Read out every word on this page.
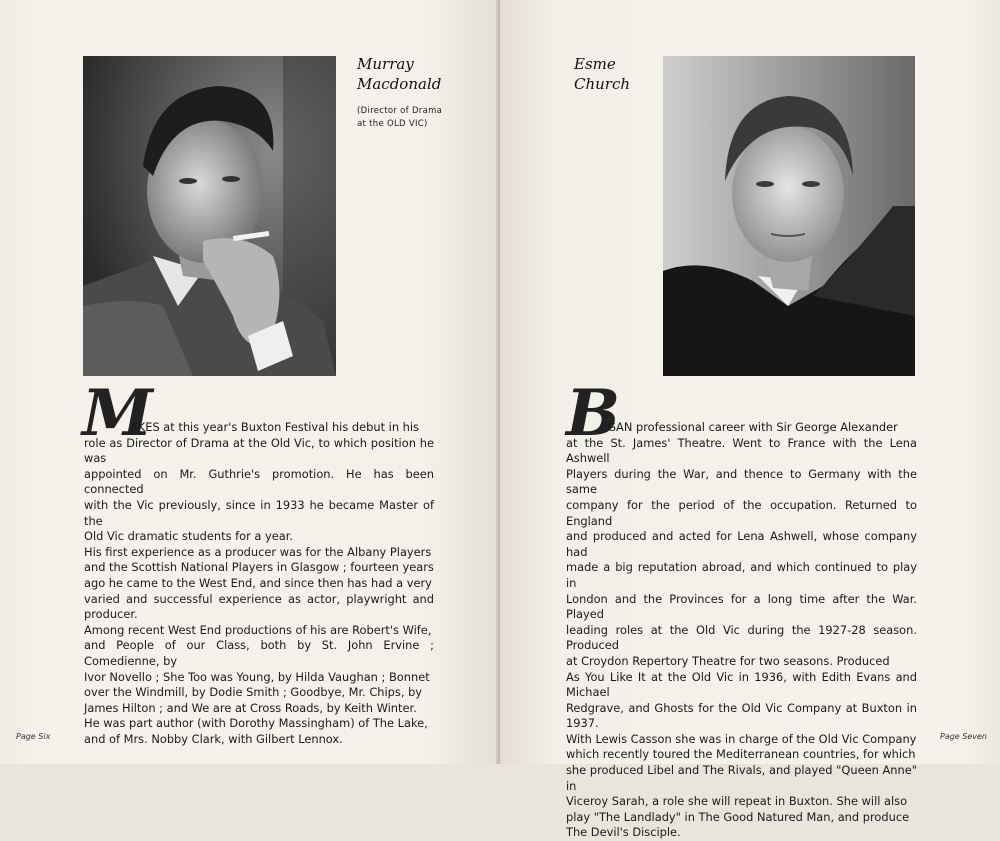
Murray
Macdonald
(Director of Drama
at the OLD VIC)
M
AKES at this year's Buxton Festival his debut in his
role as Director of Drama at the Old Vic, to which position he was
appointed on Mr. Guthrie's promotion. He has been connected
with the Vic previously, since in 1933 he became Master of the
Old Vic dramatic students for a year.
His first experience as a producer was for the Albany Players
and the Scottish National Players in Glasgow ; fourteen years
ago he came to the West End, and since then has had a very
varied and successful experience as actor, playwright and producer.
Among recent West End productions of his are Robert's Wife,
and People of our Class, both by St. John Ervine ; Comedienne, by
Ivor Novello ; She Too was Young, by Hilda Vaughan ; Bonnet
over the Windmill, by Dodie Smith ; Goodbye, Mr. Chips, by
James Hilton ; and We are at Cross Roads, by Keith Winter.
He was part author (with Dorothy Massingham) of The Lake,
and of Mrs. Nobby Clark, with Gilbert Lennox.
Page Six
Esme
Church
B
EGAN professional career with Sir George Alexander
at the St. James' Theatre. Went to France with the Lena Ashwell
Players during the War, and thence to Germany with the same
company for the period of the occupation. Returned to England
and produced and acted for Lena Ashwell, whose company had
made a big reputation abroad, and which continued to play in
London and the Provinces for a long time after the War. Played
leading roles at the Old Vic during the 1927-28 season. Produced
at Croydon Repertory Theatre for two seasons. Produced
As You Like It at the Old Vic in 1936, with Edith Evans and Michael
Redgrave, and Ghosts for the Old Vic Company at Buxton in 1937.
With Lewis Casson she was in charge of the Old Vic Company
which recently toured the Mediterranean countries, for which
she produced Libel and The Rivals, and played "Queen Anne" in
Viceroy Sarah, a role she will repeat in Buxton. She will also
play "The Landlady" in The Good Natured Man, and produce
The Devil's Disciple.
Page Seven
